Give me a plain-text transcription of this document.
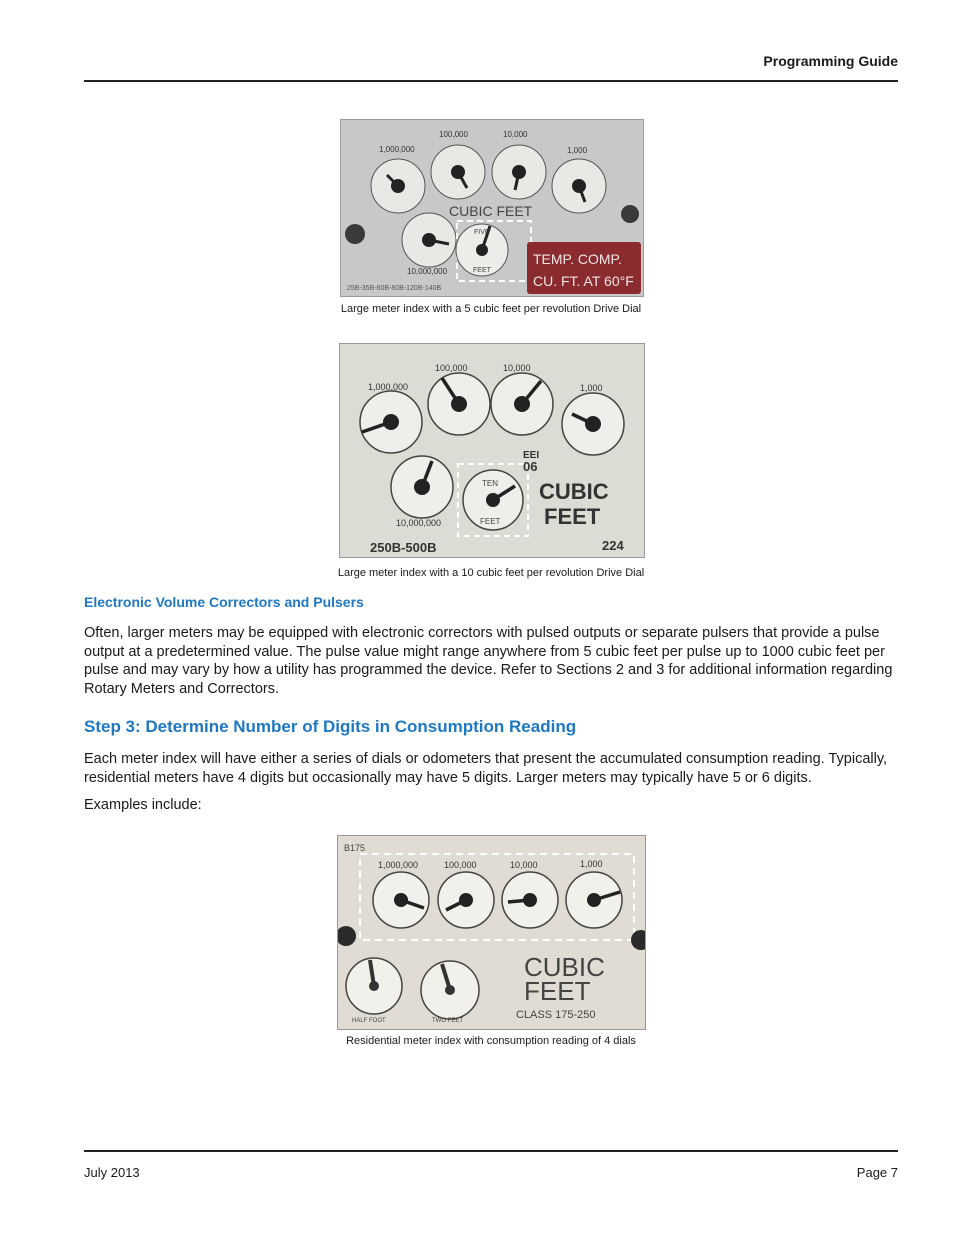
Programming Guide
1,000,000
100,000	10,000
1,000
10,000,000
CUBIC FEET
FIVE
FEET
TEMP. COMP.
CU. FT. AT 60°F
25B-35B-60B-80B-120B-140B
Large meter index with a 5 cubic feet per revolution Drive Dial
1,000,000
100,000	10,000
1,000
10,000,000
TEN
FEET
EEI
06
CUBIC
FEET
250B-500B	224
Large meter index with a 10 cubic feet per revolution Drive Dial
Electronic Volume Correctors and Pulsers

Often, larger meters may be equipped with electronic correctors with pulsed outputs or separate pulsers that provide a pulse output at a predetermined value. The pulse value might range anywhere from 5 cubic feet per pulse up to 1000 cubic feet per pulse and may vary by how a utility has programmed the device. Refer to Sections 2 and 3 for additional information regarding Rotary Meters and Correctors.

Step 3: Determine Number of Digits in Consumption Reading

Each meter index will have either a series of dials or odometers that present the accumulated consumption reading. Typically, residential meters have 4 digits but occasionally may have 5 digits. Larger meters may typically have 5 or 6 digits.

Examples include:

B175
1,000,000	100,000	10,000	1,000
HALF FOOT	TWO FEET
CUBIC
FEET
CLASS 175-250
Residential meter index with consumption reading of 4 dials
July 2013	Page 7
